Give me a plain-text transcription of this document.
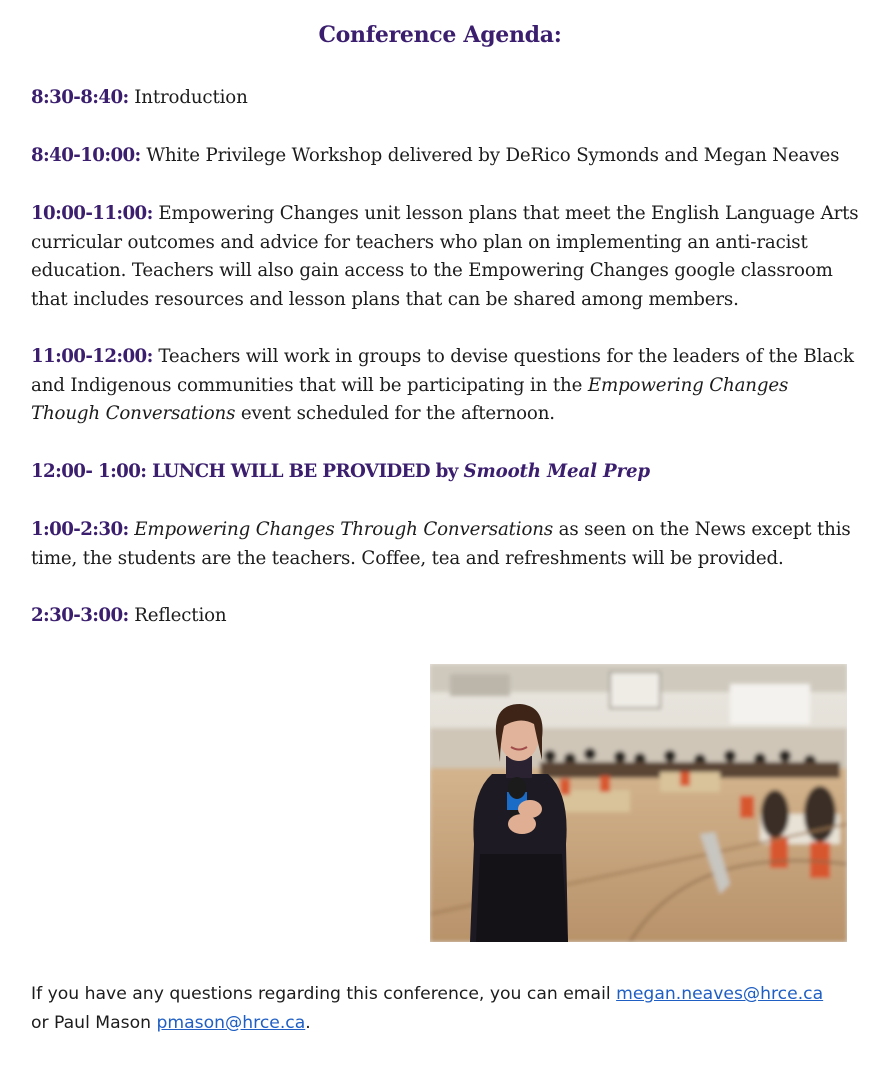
Conference Agenda:
8:30-8:40: Introduction
8:40-10:00: White Privilege Workshop delivered by DeRico Symonds and Megan Neaves
10:00-11:00: Empowering Changes unit lesson plans that meet the English Language Arts curricular outcomes and advice for teachers who plan on implementing an anti-racist education. Teachers will also gain access to the Empowering Changes google classroom that includes resources and lesson plans that can be shared among members.
11:00-12:00: Teachers will work in groups to devise questions for the leaders of the Black and Indigenous communities that will be participating in the Empowering Changes Though Conversations event scheduled for the afternoon.
12:00- 1:00: LUNCH WILL BE PROVIDED by Smooth Meal Prep
1:00-2:30: Empowering Changes Through Conversations as seen on the News except this time, the students are the teachers. Coffee, tea and refreshments will be provided.
2:30-3:00: Reflection
If you have any questions regarding this conference, you can email megan.neaves@hrce.ca
or Paul Mason pmason@hrce.ca.
